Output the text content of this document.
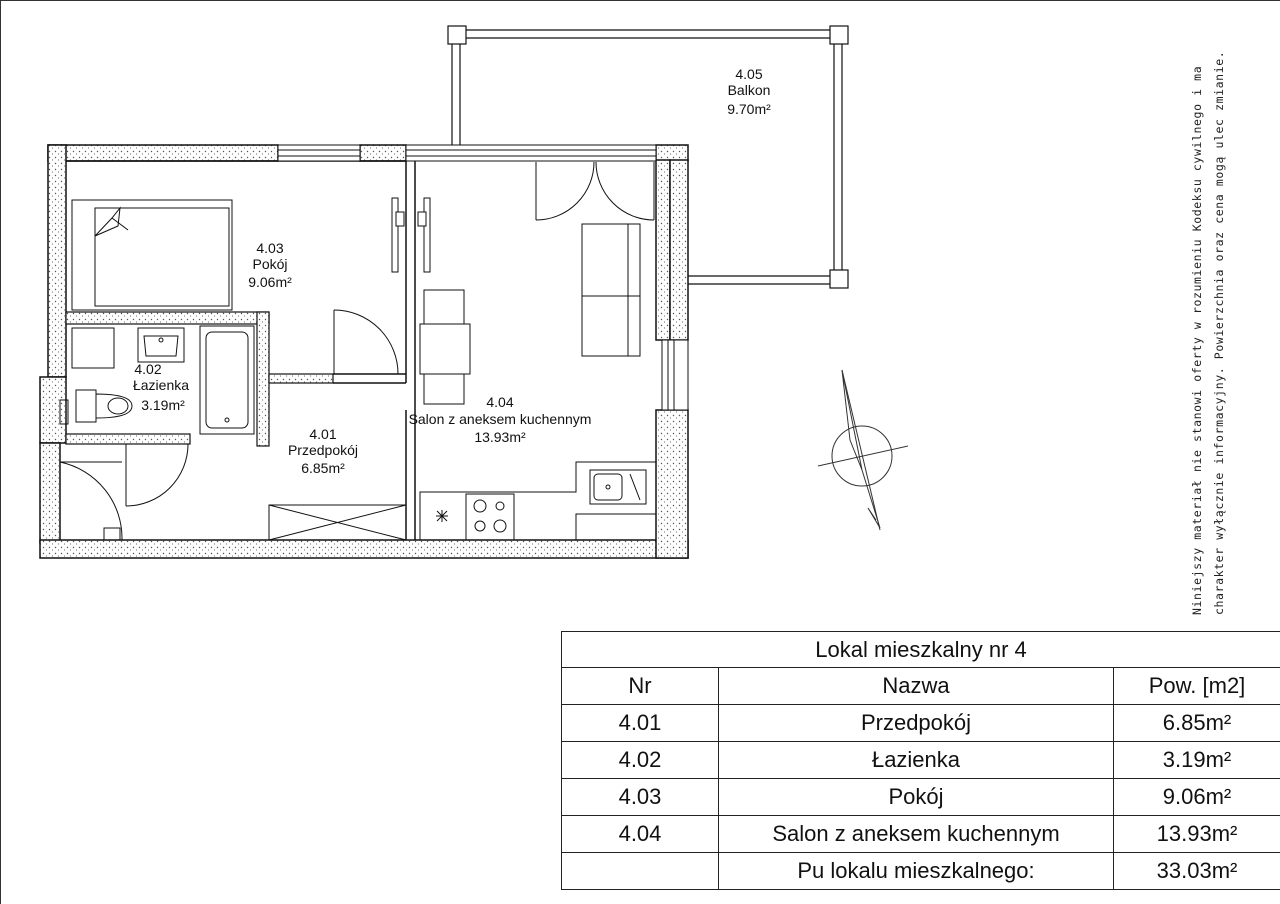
4.05
Balkon
9.70m²
4.03
Pokój
9.06m²
4.02
Łazienka
3.19m²
4.01
Przedpokój
6.85m²
4.04
Salon z aneksem kuchennym
13.93m²	Niniejszy materiał nie stanowi oferty w rozumieniu Kodeksu cywilnego i ma charakter wyłącznie informacyjny. Powierzchnia oraz cena mogą ulec zmianie.
Lokal mieszkalny nr 4		
Nr	Nazwa	Pow. [m2]
4.01	Przedpokój	6.85m²
4.02	Łazienka	3.19m²
4.03	Pokój	9.06m²
4.04	Salon z aneksem kuchennym	13.93m²
	Pu lokalu mieszkalnego:	33.03m²
